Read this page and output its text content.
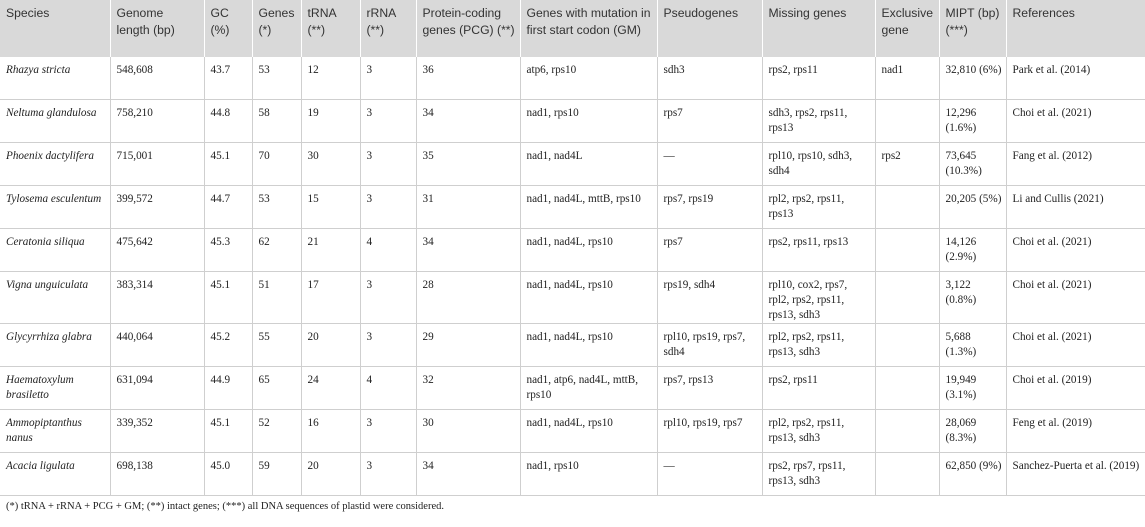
Species	Genome length (bp)	GC (%)	Genes (*)	tRNA (**)	rRNA (**)	Protein-coding genes (PCG) (**)	Genes with mutation in first start codon (GM)	Pseudogenes	Missing genes	Exclusive gene	MIPT (bp) (***)	References
Rhazya stricta	548,608	43.7	53	12	3	36	atp6, rps10	sdh3	rps2, rps11	nad1	32,810 (6%)	Park et al. (2014)
Neltuma glandulosa	758,210	44.8	58	19	3	34	nad1, rps10	rps7	sdh3, rps2, rps11, rps13		12,296 (1.6%)	Choi et al. (2021)
Phoenix dactylifera	715,001	45.1	70	30	3	35	nad1, nad4L	—	rpl10, rps10, sdh3, sdh4	rps2	73,645 (10.3%)	Fang et al. (2012)
Tylosema esculentum	399,572	44.7	53	15	3	31	nad1, nad4L, mttB, rps10	rps7, rps19	rpl2, rps2, rps11, rps13		20,205 (5%)	Li and Cullis (2021)
Ceratonia siliqua	475,642	45.3	62	21	4	34	nad1, nad4L, rps10	rps7	rps2, rps11, rps13		14,126 (2.9%)	Choi et al. (2021)
Vigna unguiculata	383,314	45.1	51	17	3	28	nad1, nad4L, rps10	rps19, sdh4	rpl10, cox2, rps7, rpl2, rps2, rps11, rps13, sdh3		3,122 (0.8%)	Choi et al. (2021)
Glycyrrhiza glabra	440,064	45.2	55	20	3	29	nad1, nad4L, rps10	rpl10, rps19, rps7, sdh4	rpl2, rps2, rps11, rps13, sdh3		5,688 (1.3%)	Choi et al. (2021)
Haematoxylum brasiletto	631,094	44.9	65	24	4	32	nad1, atp6, nad4L, mttB, rps10	rps7, rps13	rps2, rps11		19,949 (3.1%)	Choi et al. (2019)
Ammopiptanthus nanus	339,352	45.1	52	16	3	30	nad1, nad4L, rps10	rpl10, rps19, rps7	rpl2, rps2, rps11, rps13, sdh3		28,069 (8.3%)	Feng et al. (2019)
Acacia ligulata	698,138	45.0	59	20	3	34	nad1, rps10	—	rps2, rps7, rps11, rps13, sdh3		62,850 (9%)	Sanchez-Puerta et al. (2019)
(*) tRNA + rRNA + PCG + GM; (**) intact genes; (***) all DNA sequences of plastid were considered.
